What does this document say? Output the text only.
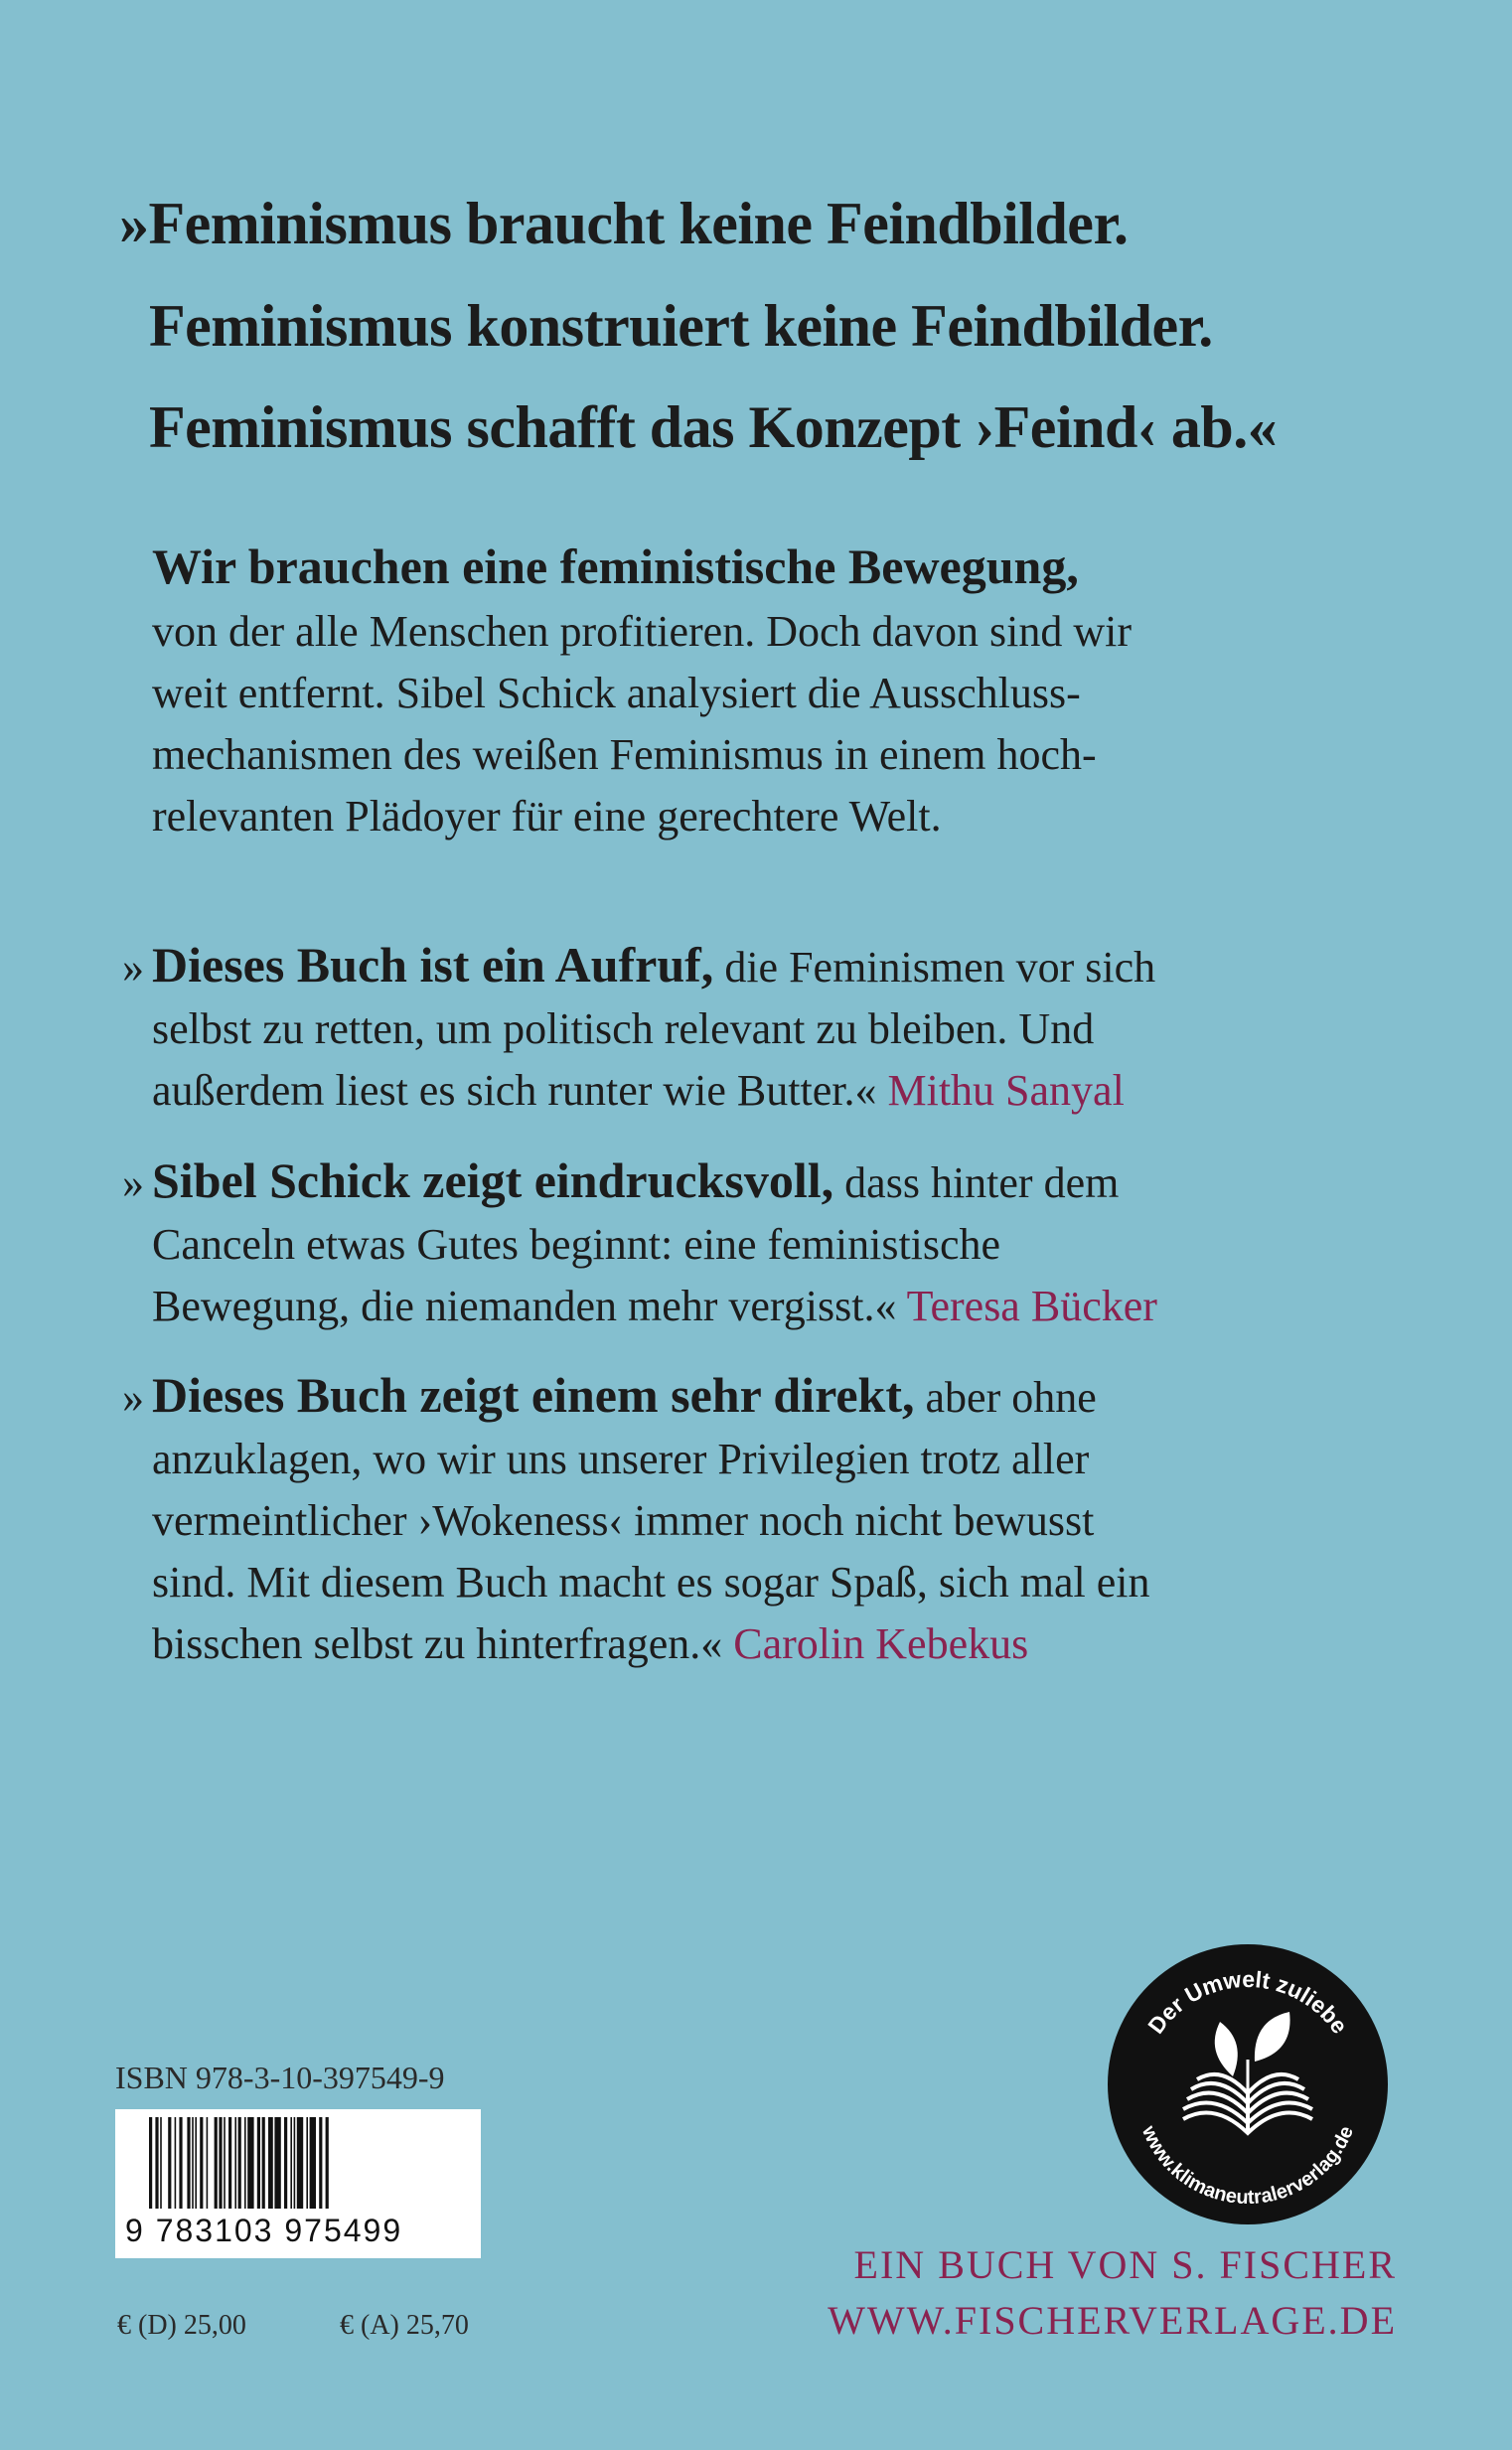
»Feminismus braucht keine Feindbilder.
Feminismus konstruiert keine Feindbilder.
Feminismus schafft das Konzept ›Feind‹ ab.«
Wir brauchen eine feministische Bewegung,
von der alle Menschen profitieren. Doch davon sind wir
weit entfernt. Sibel Schick analysiert die Ausschluss-
mechanismen des weißen Feminismus in einem hoch-
relevanten Plädoyer für eine gerechtere Welt.
» Dieses Buch ist ein Aufruf, die Feminismen vor sich
selbst zu retten, um politisch relevant zu bleiben. Und
außerdem liest es sich runter wie Butter.« Mithu Sanyal
» Sibel Schick zeigt eindrucksvoll, dass hinter dem
Canceln etwas Gutes beginnt: eine feministische
Bewegung, die niemanden mehr vergisst.« Teresa Bücker
» Dieses Buch zeigt einem sehr direkt, aber ohne
anzuklagen, wo wir uns unserer Privilegien trotz aller
vermeintlicher ›Wokeness‹ immer noch nicht bewusst
sind. Mit diesem Buch macht es sogar Spaß, sich mal ein
bisschen selbst zu hinterfragen.« Carolin Kebekus
ISBN 978-3-10-397549-9
9 783103 975499
€ (D) 25,00	€ (A) 25,70
Der Umwelt zuliebe
www.klimaneutralerverlag.de
EIN BUCH VON S. FISCHER
WWW.FISCHERVERLAGE.DE
